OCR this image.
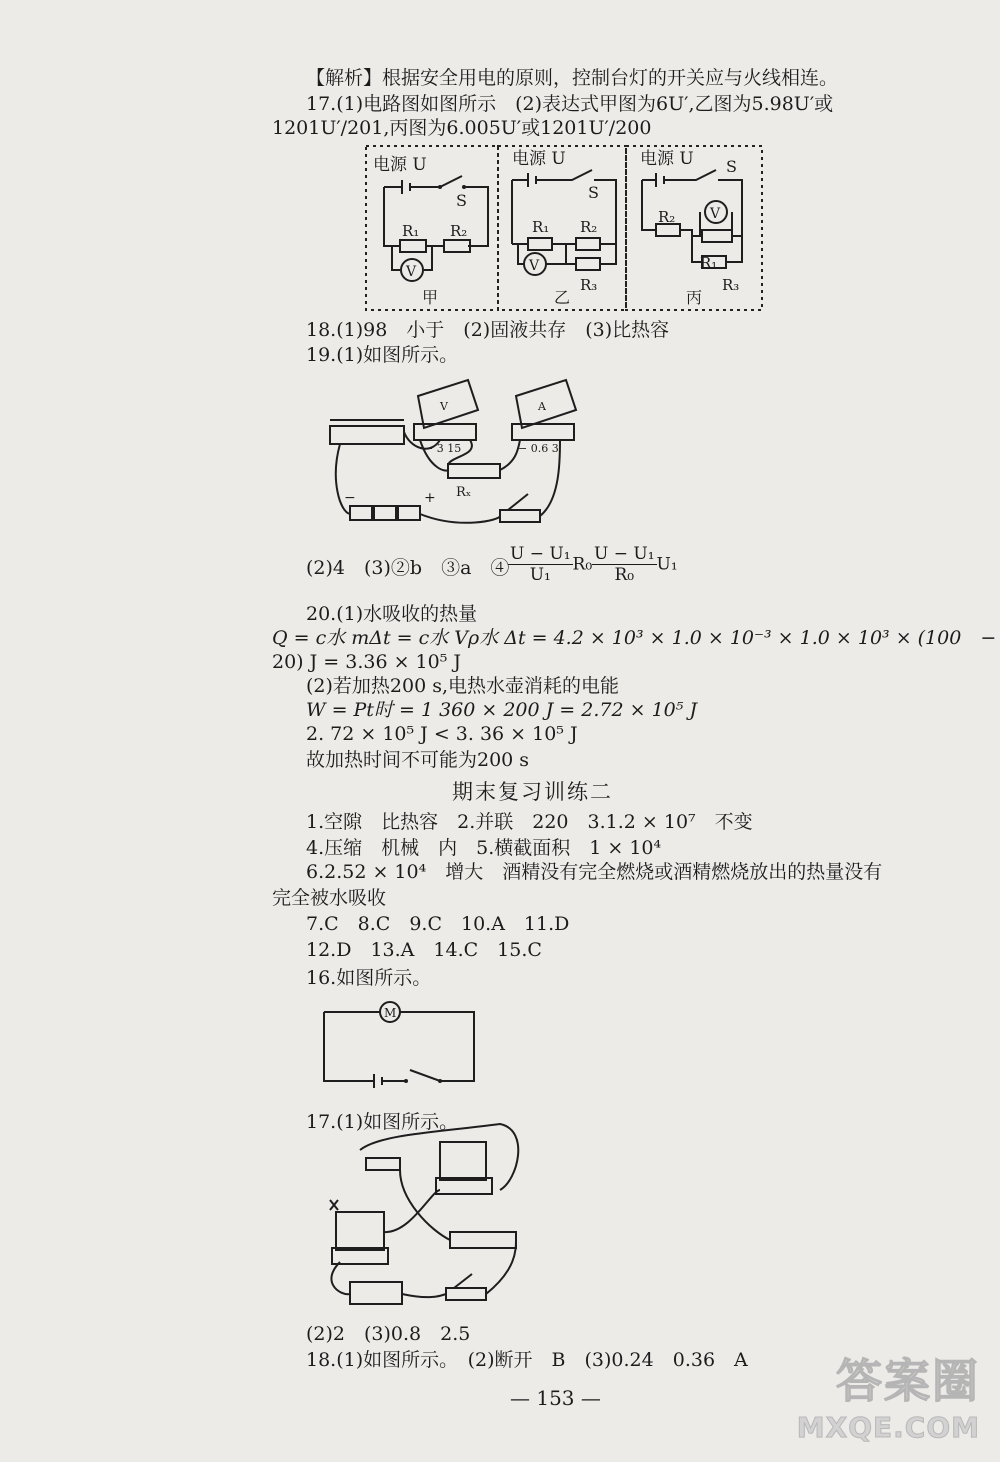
【解析】根据安全用电的原则，控制台灯的开关应与火线相连。
17.(1)电路图如图所示　(2)表达式甲图为6U′,乙图为5.98U′或
1201U′/201,丙图为6.005U′或1201U′/200
电源 U
S
R₁ R₂
V
甲
电源 U
S
R₁ R₂
R₃
V
乙
电源 U S
R₂
R₁
R₃
V
丙
18.(1)98　小于　(2)固液共存　(3)比热容
19.(1)如图所示。
V
− 3 15
A
− 0.6 3
Rₓ
−	+
(2)4　(3)②b　③a　④
$\frac{\text{U − U₁}}{\text{U₁}} R_0 \frac{\text{U − U₁}}{\text{R₀}} U_1$
20.(1)水吸收的热量
Q = c水 mΔt = c水 Vρ水 Δt = 4.2 × 10³ × 1.0 × 10⁻³ × 1.0 × 10³ × (100　−
20) J = 3.36 × 10⁵ J
(2)若加热200 s,电热水壶消耗的电能
W = Pt时 = 1 360 × 200 J = 2.72 × 10⁵ J
2. 72 × 10⁵ J < 3. 36 × 10⁵ J
故加热时间不可能为200 s
期末复习训练二
1.空隙　比热容　2.并联　220　3.1.2 × 10⁷　不变
4.压缩　机械　内　5.横截面积　1 × 10⁴
6.2.52 × 10⁴　增大　酒精没有完全燃烧或酒精燃烧放出的热量没有
完全被水吸收
7.C　8.C　9.C　10.A　11.D
12.D　13.A　14.C　15.C
16.如图所示。
M
17.(1)如图所示。
(2)2　(3)0.8　2.5
18.(1)如图所示。　(2)断开　B　(3)0.24　0.36　A
— 153 —	答案圈
MXQE.COM
